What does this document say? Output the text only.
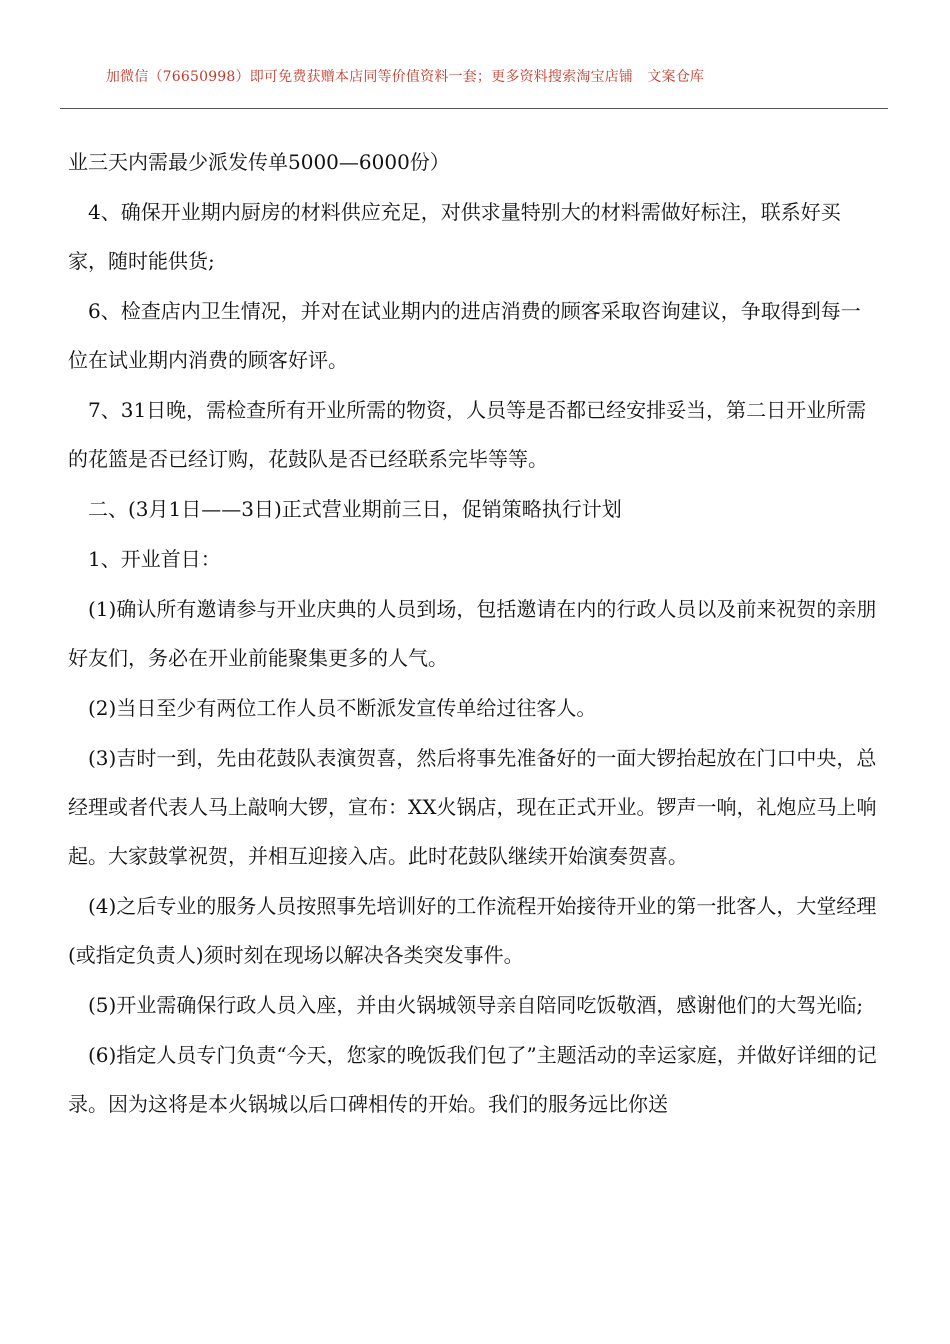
加微信（76650998）即可免费获赠本店同等价值资料一套；更多资料搜索淘宝店铺　文案仓库

业三天内需最少派发传单5000—6000份）

4、确保开业期内厨房的材料供应充足，对供求量特别大的材料需做好标注，联系好买家，随时能供货;

6、检查店内卫生情况，并对在试业期内的进店消费的顾客采取咨询建议，争取得到每一位在试业期内消费的顾客好评。

7、31日晚，需检查所有开业所需的物资，人员等是否都已经安排妥当，第二日开业所需的花篮是否已经订购，花鼓队是否已经联系完毕等等。

二、(3月1日——3日)正式营业期前三日，促销策略执行计划

1、开业首日：

(1)确认所有邀请参与开业庆典的人员到场，包括邀请在内的行政人员以及前来祝贺的亲朋好友们，务必在开业前能聚集更多的人气。

(2)当日至少有两位工作人员不断派发宣传单给过往客人。

(3)吉时一到，先由花鼓队表演贺喜，然后将事先准备好的一面大锣抬起放在门口中央，总经理或者代表人马上敲响大锣，宣布：XX火锅店，现在正式开业。锣声一响，礼炮应马上响起。大家鼓掌祝贺，并相互迎接入店。此时花鼓队继续开始演奏贺喜。

(4)之后专业的服务人员按照事先培训好的工作流程开始接待开业的第一批客人，大堂经理(或指定负责人)须时刻在现场以解决各类突发事件。

(5)开业需确保行政人员入座，并由火锅城领导亲自陪同吃饭敬酒，感谢他们的大驾光临;

(6)指定人员专门负责“今天，您家的晚饭我们包了”主题活动的幸运家庭，并做好详细的记录。因为这将是本火锅城以后口碑相传的开始。我们的服务远比你送
